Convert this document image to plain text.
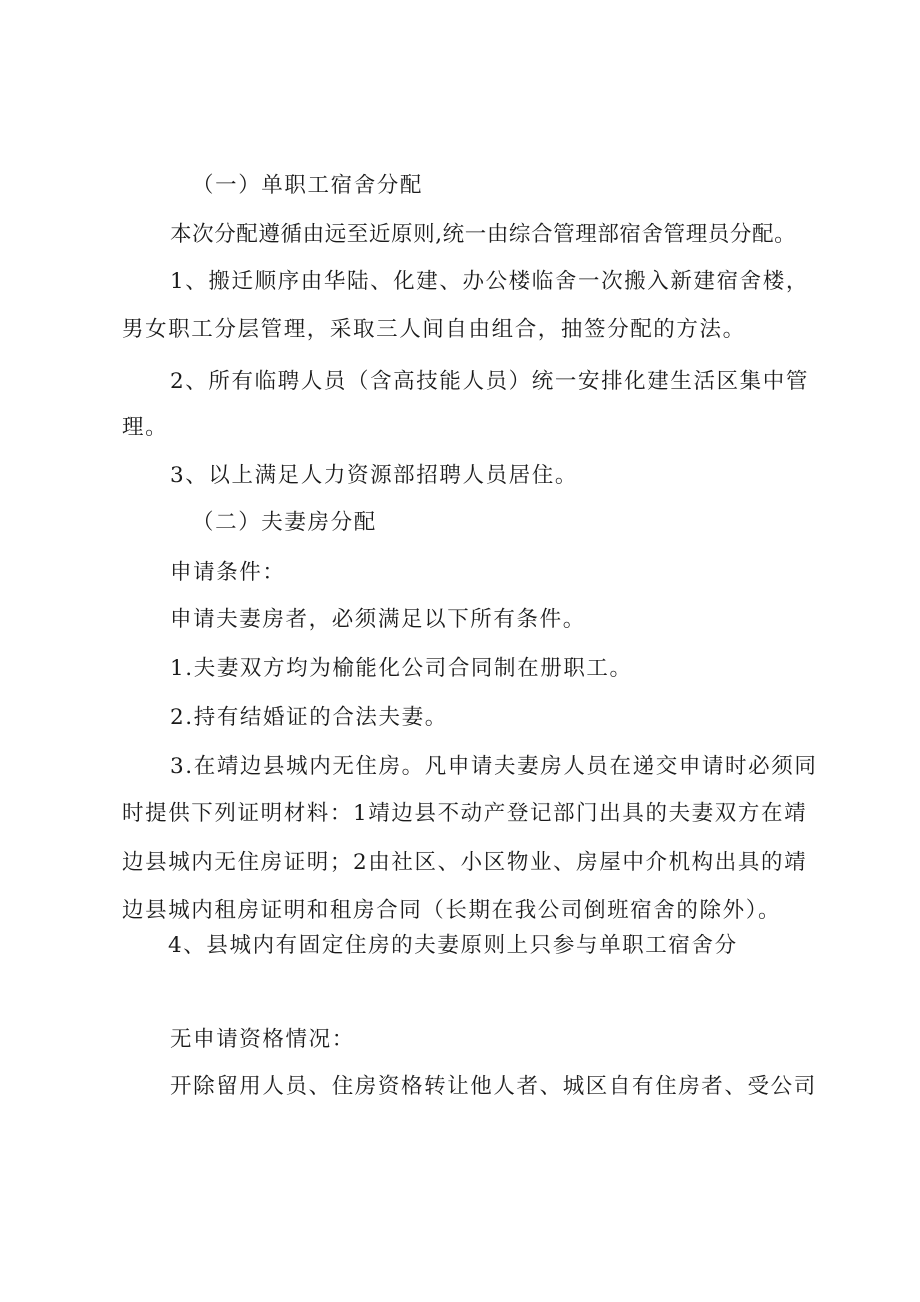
（一）单职工宿舍分配
本次分配遵循由远至近原则,统一由综合管理部宿舍管理员分配。
1、搬迁顺序由华陆、化建、办公楼临舍一次搬入新建宿舍楼，
男女职工分层管理，采取三人间自由组合，抽签分配的方法。
2、所有临聘人员（含高技能人员）统一安排化建生活区集中管
理。
3、以上满足人力资源部招聘人员居住。
（二）夫妻房分配
申请条件：
申请夫妻房者，必须满足以下所有条件。
1.夫妻双方均为榆能化公司合同制在册职工。
2.持有结婚证的合法夫妻。
3.在靖边县城内无住房。凡申请夫妻房人员在递交申请时必须同
时提供下列证明材料：1靖边县不动产登记部门出具的夫妻双方在靖
边县城内无住房证明；2由社区、小区物业、房屋中介机构出具的靖
边县城内租房证明和租房合同（长期在我公司倒班宿舍的除外）。
4、县城内有固定住房的夫妻原则上只参与单职工宿舍分
无申请资格情况：
开除留用人员、住房资格转让他人者、城区自有住房者、受公司
